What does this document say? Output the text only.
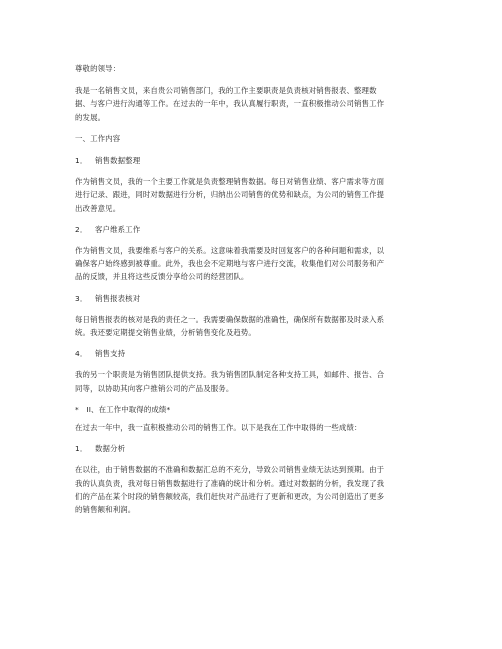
尊敬的领导：
我是一名销售文员，来自贵公司销售部门，我的工作主要职责是负责核对销售报表、整理数
据、与客户进行沟通等工作。在过去的一年中，我认真履行职责，一直积极推动公司销售工作
的发展。
一、工作内容
1． 销售数据整理
作为销售文员，我的一个主要工作就是负责整理销售数据。每日对销售业绩、客户需求等方面
进行记录、跟进，同时对数据进行分析，归纳出公司销售的优势和缺点，为公司的销售工作提
出改善意见。
2． 客户维系工作
作为销售文员，我要维系与客户的关系。这意味着我需要及时回复客户的各种问题和需求，以
确保客户始终感到被尊重。此外，我也会不定期地与客户进行交流，收集他们对公司服务和产
品的反馈，并且将这些反馈分享给公司的经营团队。
3． 销售报表核对
每日销售报表的核对是我的责任之一。我需要确保数据的准确性，确保所有数据都及时录入系
统。我还要定期提交销售业绩，分析销售变化及趋势。
4． 销售支持
我的另一个职责是为销售团队提供支持。我为销售团队制定各种支持工具，如邮件、报告、合
同等，以协助其向客户推销公司的产品及服务。
*　II、在工作中取得的成绩*
在过去一年中，我一直积极推动公司的销售工作。以下是我在工作中取得的一些成绩：
1． 数据分析
在以往，由于销售数据的不准确和数据汇总的不充分，导致公司销售业绩无法达到预期。由于
我的认真负责，我对每日销售数据进行了准确的统计和分析。通过对数据的分析，我发现了我
们的产品在某个时段的销售额较高，我们赶快对产品进行了更新和更改，为公司创造出了更多
的销售额和利润。
